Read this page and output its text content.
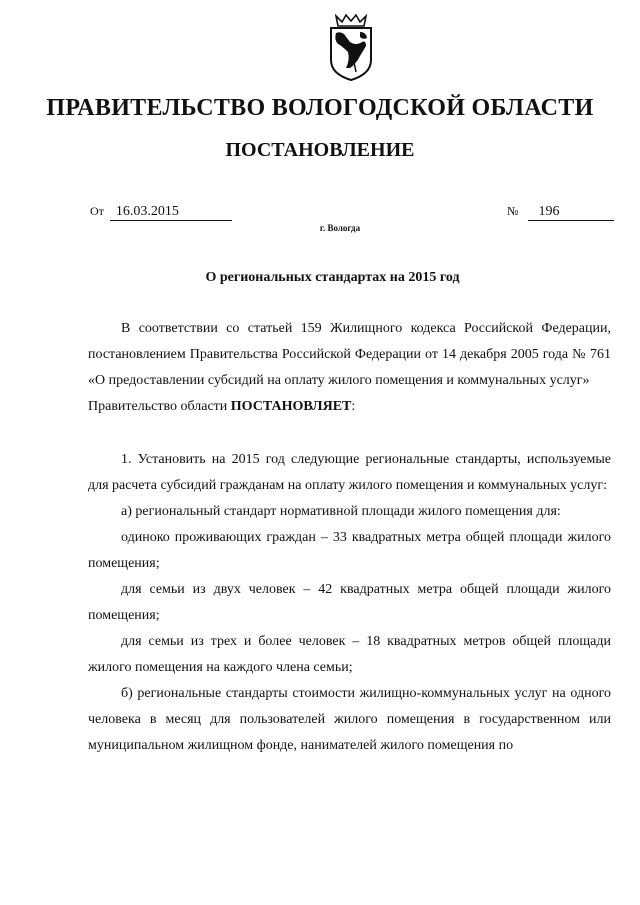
ПРАВИТЕЛЬСТВО ВОЛОГОДСКОЙ ОБЛАСТИ
ПОСТАНОВЛЕНИЕ
От 16.03.2015	№ 196
г. Вологда
О региональных стандартах на 2015 год

В соответствии со статьей 159 Жилищного кодекса Российской Федерации, постановлением Правительства Российской Федерации от 14 декабря 2005 года № 761 «О предоставлении субсидий на оплату жилого помещения и коммунальных услуг»

Правительство области ПОСТАНОВЛЯЕТ:

1. Установить на 2015 год следующие региональные стандарты, используемые для расчета субсидий гражданам на оплату жилого помещения и коммунальных услуг:

а) региональный стандарт нормативной площади жилого помещения для:

одиноко проживающих граждан – 33 квадратных метра общей площади жилого помещения;

для семьи из двух человек – 42 квадратных метра общей площади жилого помещения;

для семьи из трех и более человек – 18 квадратных метров общей площади жилого помещения на каждого члена семьи;

б) региональные стандарты стоимости жилищно-коммунальных услуг на одного человека в месяц для пользователей жилого помещения в государственном или муниципальном жилищном фонде, нанимателей жилого помещения по
